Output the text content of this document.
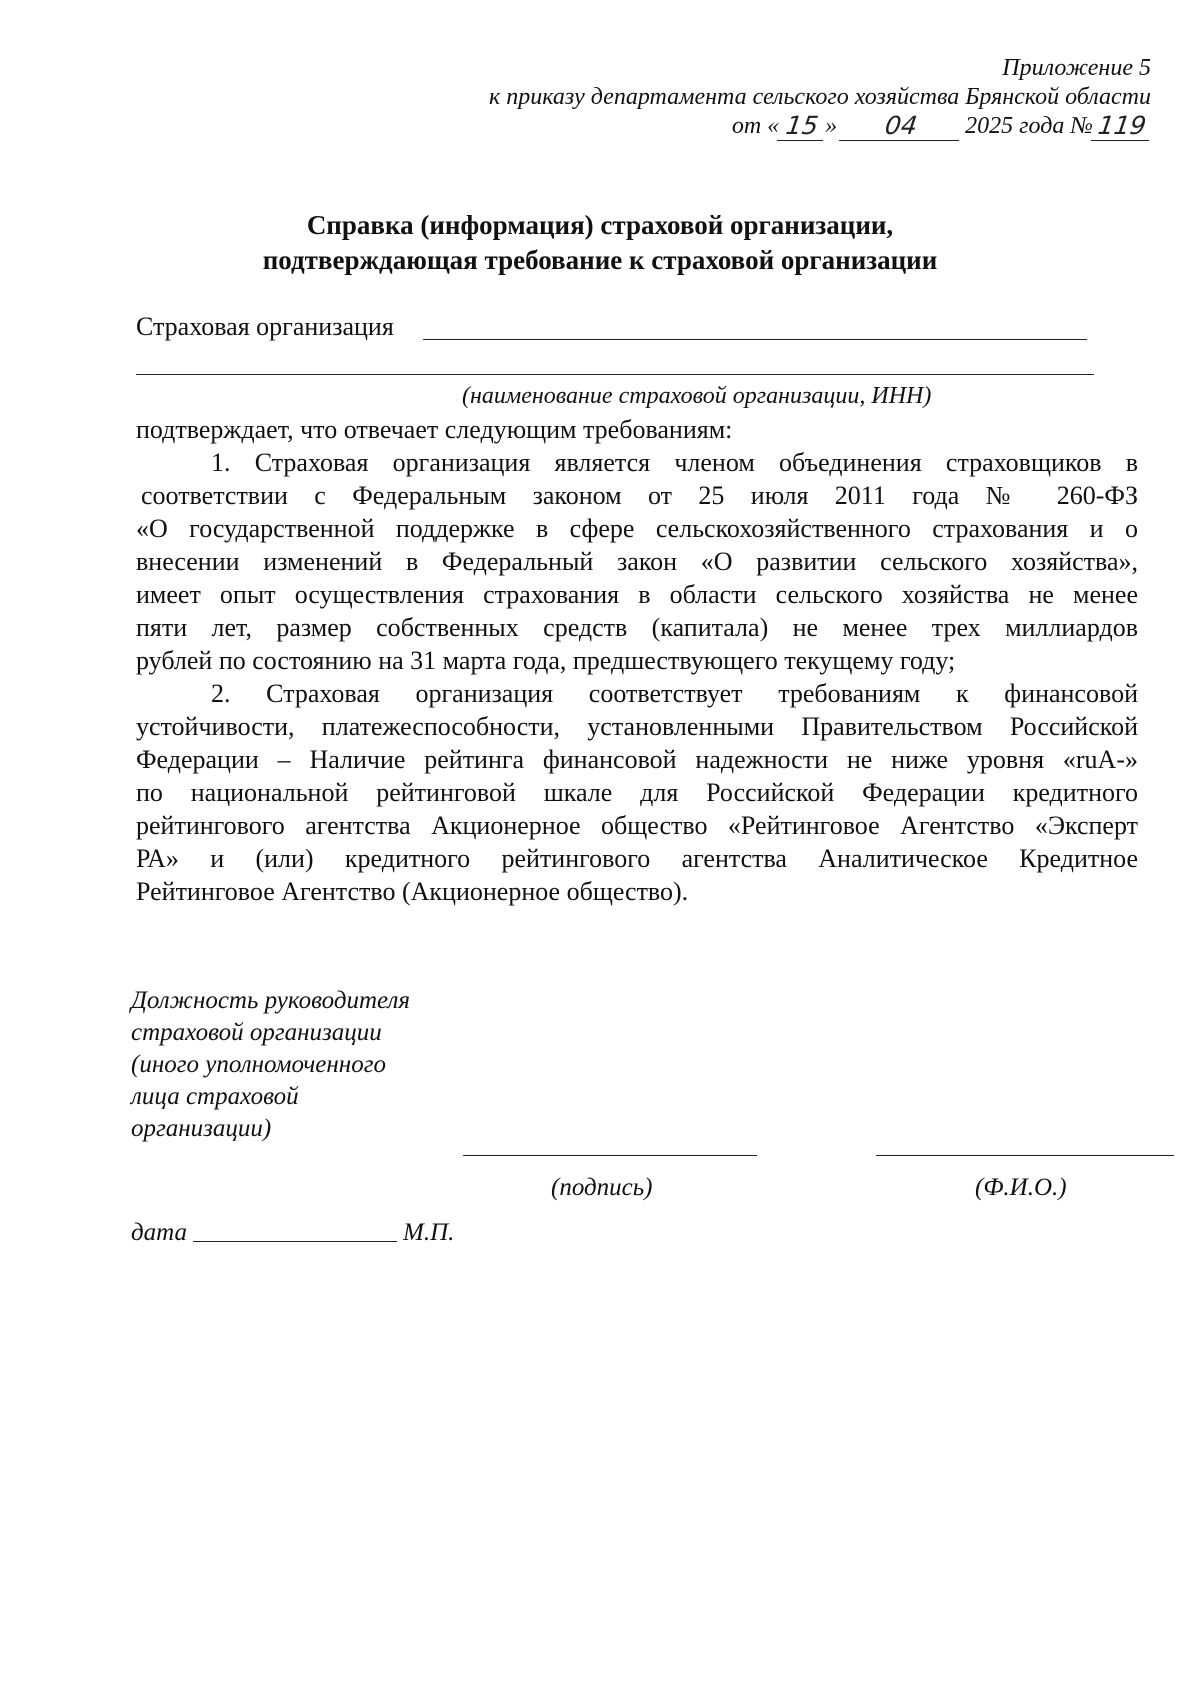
Приложение 5
к приказу департамента сельского хозяйства Брянской области
от « 15 »	04	2025 года № 119
Справка (информация) страховой организации,
подтверждающая требование к страховой организации
Страховая организация
(наименование страховой организации, ИНН)
подтверждает, что отвечает следующим требованиям:
1. Страховая организация является членом объединения страховщиков в
соответствии с Федеральным законом от 25 июля 2011 года № 260-ФЗ
«О государственной поддержке в сфере сельскохозяйственного страхования и о
внесении изменений в Федеральный закон «О развитии сельского хозяйства»,
имеет опыт осуществления страхования в области сельского хозяйства не менее
пяти лет, размер собственных средств (капитала) не менее трех миллиардов
рублей по состоянию на 31 марта года, предшествующего текущему году;
2. Страховая организация соответствует требованиям к финансовой
устойчивости, платежеспособности, установленными Правительством Российской
Федерации – Наличие рейтинга финансовой надежности не ниже уровня «ruA-»
по национальной рейтинговой шкале для Российской Федерации кредитного
рейтингового агентства Акционерное общество «Рейтинговое Агентство «Эксперт
РА» и (или) кредитного рейтингового агентства Аналитическое Кредитное
Рейтинговое Агентство (Акционерное общество).
Должность руководителя
страховой организации
(иного уполномоченного
лица страховой
организации)
(подпись)	(Ф.И.О.)
дата	М.П.
